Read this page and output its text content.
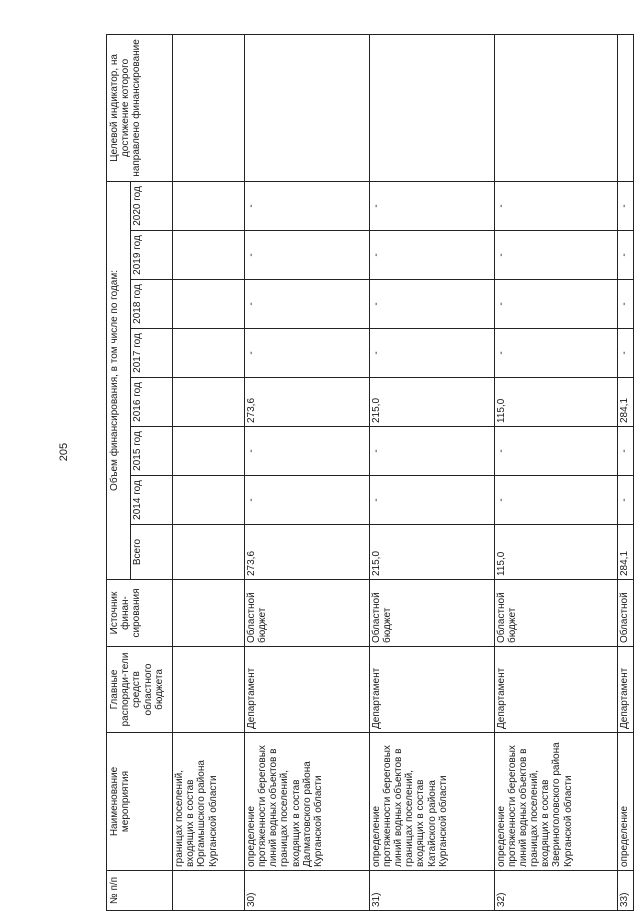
205
№ п/п	Наименование мероприятия	Главные распоряди-тели средств областного бюджета	Источник финан-сирования	Объем финансирования, в том числе по годам:								Целевой индикатор, на достижение которого направлено финансирование
				Всего	2014 год	2015 год	2016 год	2017 год	2018 год	2019 год	2020 год	
	границах поселений, входящих в состав Юргамышского района Курганской области											
30)	определение протяженности береговых линий водных объектов в границах поселений, входящих в состав Далматовского района Курганской области	Департамент	Областной бюджет	273,6	-	-	273,6	-	-	-	-	
31)	определение протяженности береговых линий водных объектов в границах поселений, входящих в состав Катайского района Курганской области	Департамент	Областной бюджет	215,0	-	-	215,0	-	-	-	-	
32)	определение протяженности береговых линий водных объектов в границах поселений, входящих в состав Звериноголовского района Курганской области	Департамент	Областной бюджет	115,0	-	-	115,0	-	-	-	-	
33)	определение	Департамент	Областной	284,1	-	-	284,1	-	-	-	-	
